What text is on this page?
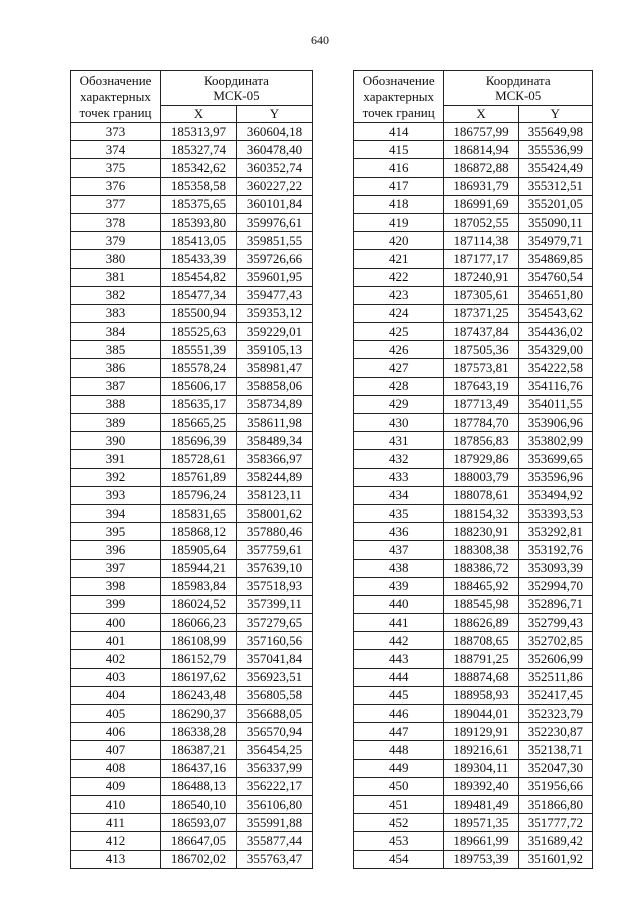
640
Обозначение
характерных
точек границ	Координата
МСК-05	
	X	Y
373	185313,97	360604,18
374	185327,74	360478,40
375	185342,62	360352,74
376	185358,58	360227,22
377	185375,65	360101,84
378	185393,80	359976,61
379	185413,05	359851,55
380	185433,39	359726,66
381	185454,82	359601,95
382	185477,34	359477,43
383	185500,94	359353,12
384	185525,63	359229,01
385	185551,39	359105,13
386	185578,24	358981,47
387	185606,17	358858,06
388	185635,17	358734,89
389	185665,25	358611,98
390	185696,39	358489,34
391	185728,61	358366,97
392	185761,89	358244,89
393	185796,24	358123,11
394	185831,65	358001,62
395	185868,12	357880,46
396	185905,64	357759,61
397	185944,21	357639,10
398	185983,84	357518,93
399	186024,52	357399,11
400	186066,23	357279,65
401	186108,99	357160,56
402	186152,79	357041,84
403	186197,62	356923,51
404	186243,48	356805,58
405	186290,37	356688,05
406	186338,28	356570,94
407	186387,21	356454,25
408	186437,16	356337,99
409	186488,13	356222,17
410	186540,10	356106,80
411	186593,07	355991,88
412	186647,05	355877,44
413	186702,02	355763,47
Обозначение
характерных
точек границ	Координата
МСК-05	
	X	Y
414	186757,99	355649,98
415	186814,94	355536,99
416	186872,88	355424,49
417	186931,79	355312,51
418	186991,69	355201,05
419	187052,55	355090,11
420	187114,38	354979,71
421	187177,17	354869,85
422	187240,91	354760,54
423	187305,61	354651,80
424	187371,25	354543,62
425	187437,84	354436,02
426	187505,36	354329,00
427	187573,81	354222,58
428	187643,19	354116,76
429	187713,49	354011,55
430	187784,70	353906,96
431	187856,83	353802,99
432	187929,86	353699,65
433	188003,79	353596,96
434	188078,61	353494,92
435	188154,32	353393,53
436	188230,91	353292,81
437	188308,38	353192,76
438	188386,72	353093,39
439	188465,92	352994,70
440	188545,98	352896,71
441	188626,89	352799,43
442	188708,65	352702,85
443	188791,25	352606,99
444	188874,68	352511,86
445	188958,93	352417,45
446	189044,01	352323,79
447	189129,91	352230,87
448	189216,61	352138,71
449	189304,11	352047,30
450	189392,40	351956,66
451	189481,49	351866,80
452	189571,35	351777,72
453	189661,99	351689,42
454	189753,39	351601,92
